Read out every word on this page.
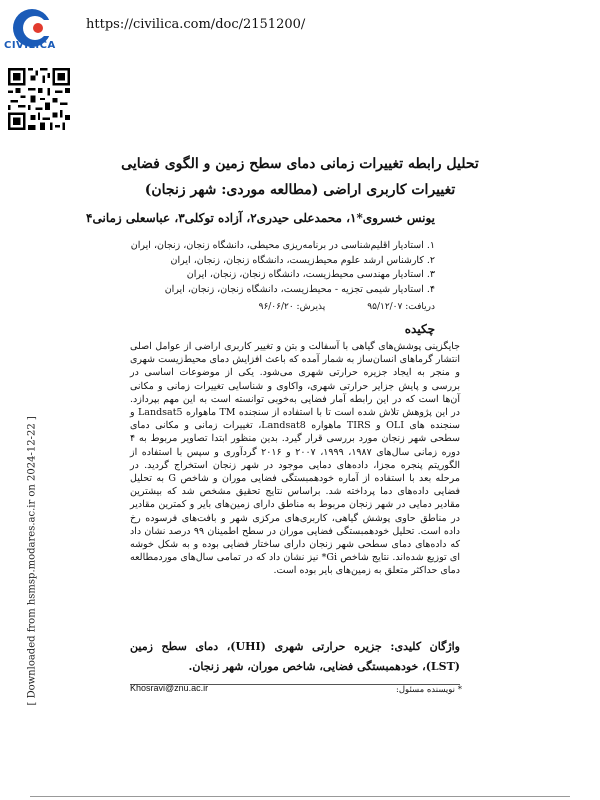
CIVILICA
https://civilica.com/doc/2151200/
[ Downloaded from hsmsp.modares.ac.ir on 2024-12-22 ]
تحلیل رابطه تغییرات زمانی دمای سطح زمین و الگوی فضایی
تغییرات کاربری اراضی (مطالعه موردی: شهر زنجان)
یونس خسروی*۱، محمدعلی حیدری۲، آزاده توکلی۳، عباسعلی زمانی۴
۱. استادیار اقلیم‌شناسی در برنامه‌ریزی محیطی، دانشگاه زنجان، زنجان، ایران
۲. کارشناس ارشد علوم محیط‌زیست، دانشگاه زنجان، زنجان، ایران
۳. استادیار مهندسی محیط‌زیست، دانشگاه زنجان، زنجان، ایران
۴. استادیار شیمی تجزیه - محیط‌زیست، دانشگاه زنجان، زنجان، ایران
دریافت: ۹۵/۱۲/۰۷
پذیرش: ۹۶/۰۶/۲۰
چکیده
جایگزینی پوشش‌های گیاهی با آسفالت و بتن و تغییر کاربری اراضی از عوامل اصلی انتشار گرماهای انسان‌ساز به شمار آمده که باعث افزایش دمای محیط‌زیست شهری و منجر به ایجاد جزیره حرارتی شهری می‌شود. یکی از موضوعات اساسی در بررسی و پایش جزایر حرارتی شهری، واکاوی و شناسایی تغییرات زمانی و مکانی آن‌ها است که در این رابطه آمار فضایی به‌خوبی توانسته است به این مهم بپردازد. در این پژوهش تلاش شده است تا با استفاده از سنجنده TM ماهواره Landsat5 و سنجنده های OLI و TIRS ماهواره Landsat8، تغییرات زمانی و مکانی دمای سطحی شهر زنجان مورد بررسی قرار گیرد. بدین منظور ابتدا تصاویر مربوط به ۴ دوره زمانی سال‌های ۱۹۸۷، ۱۹۹۹، ۲۰۰۷ و ۲۰۱۶ گردآوری و سپس با استفاده از الگوریتم پنجره مجزا، داده‌های دمایی موجود در شهر زنجان استخراج گردید. در مرحله بعد با استفاده از آماره خودهمبستگی فضایی موران و شاخص G به تحلیل فضایی داده‌های دما پرداخته شد. براساس نتایج تحقیق مشخص شد که بیشترین مقادیر دمایی در شهر زنجان مربوط به مناطق دارای زمین‌های بایر و کمترین مقادیر در مناطق حاوی پوشش گیاهی، کاربری‌های مرکزی شهر و بافت‌های فرسوده رخ داده است. تحلیل خودهمبستگی فضایی موران در سطح اطمینان ۹۹ درصد نشان داد که داده‌های دمای سطحی شهر زنجان دارای ساختار فضایی بوده و به شکل خوشه ای توزیع شده‌اند. نتایج شاخص Gi* نیز نشان داد که در تمامی سال‌های موردمطالعه دمای حداکثر متعلق به زمین‌های بایر بوده است.
واژگان کلیدی: جزیره حرارتی شهری (UHI)، دمای سطح زمین (LST)، خودهمبستگی فضایی، شاخص موران، شهر زنجان.
Khosravi@znu.ac.ir	* نویسنده مسئول:
